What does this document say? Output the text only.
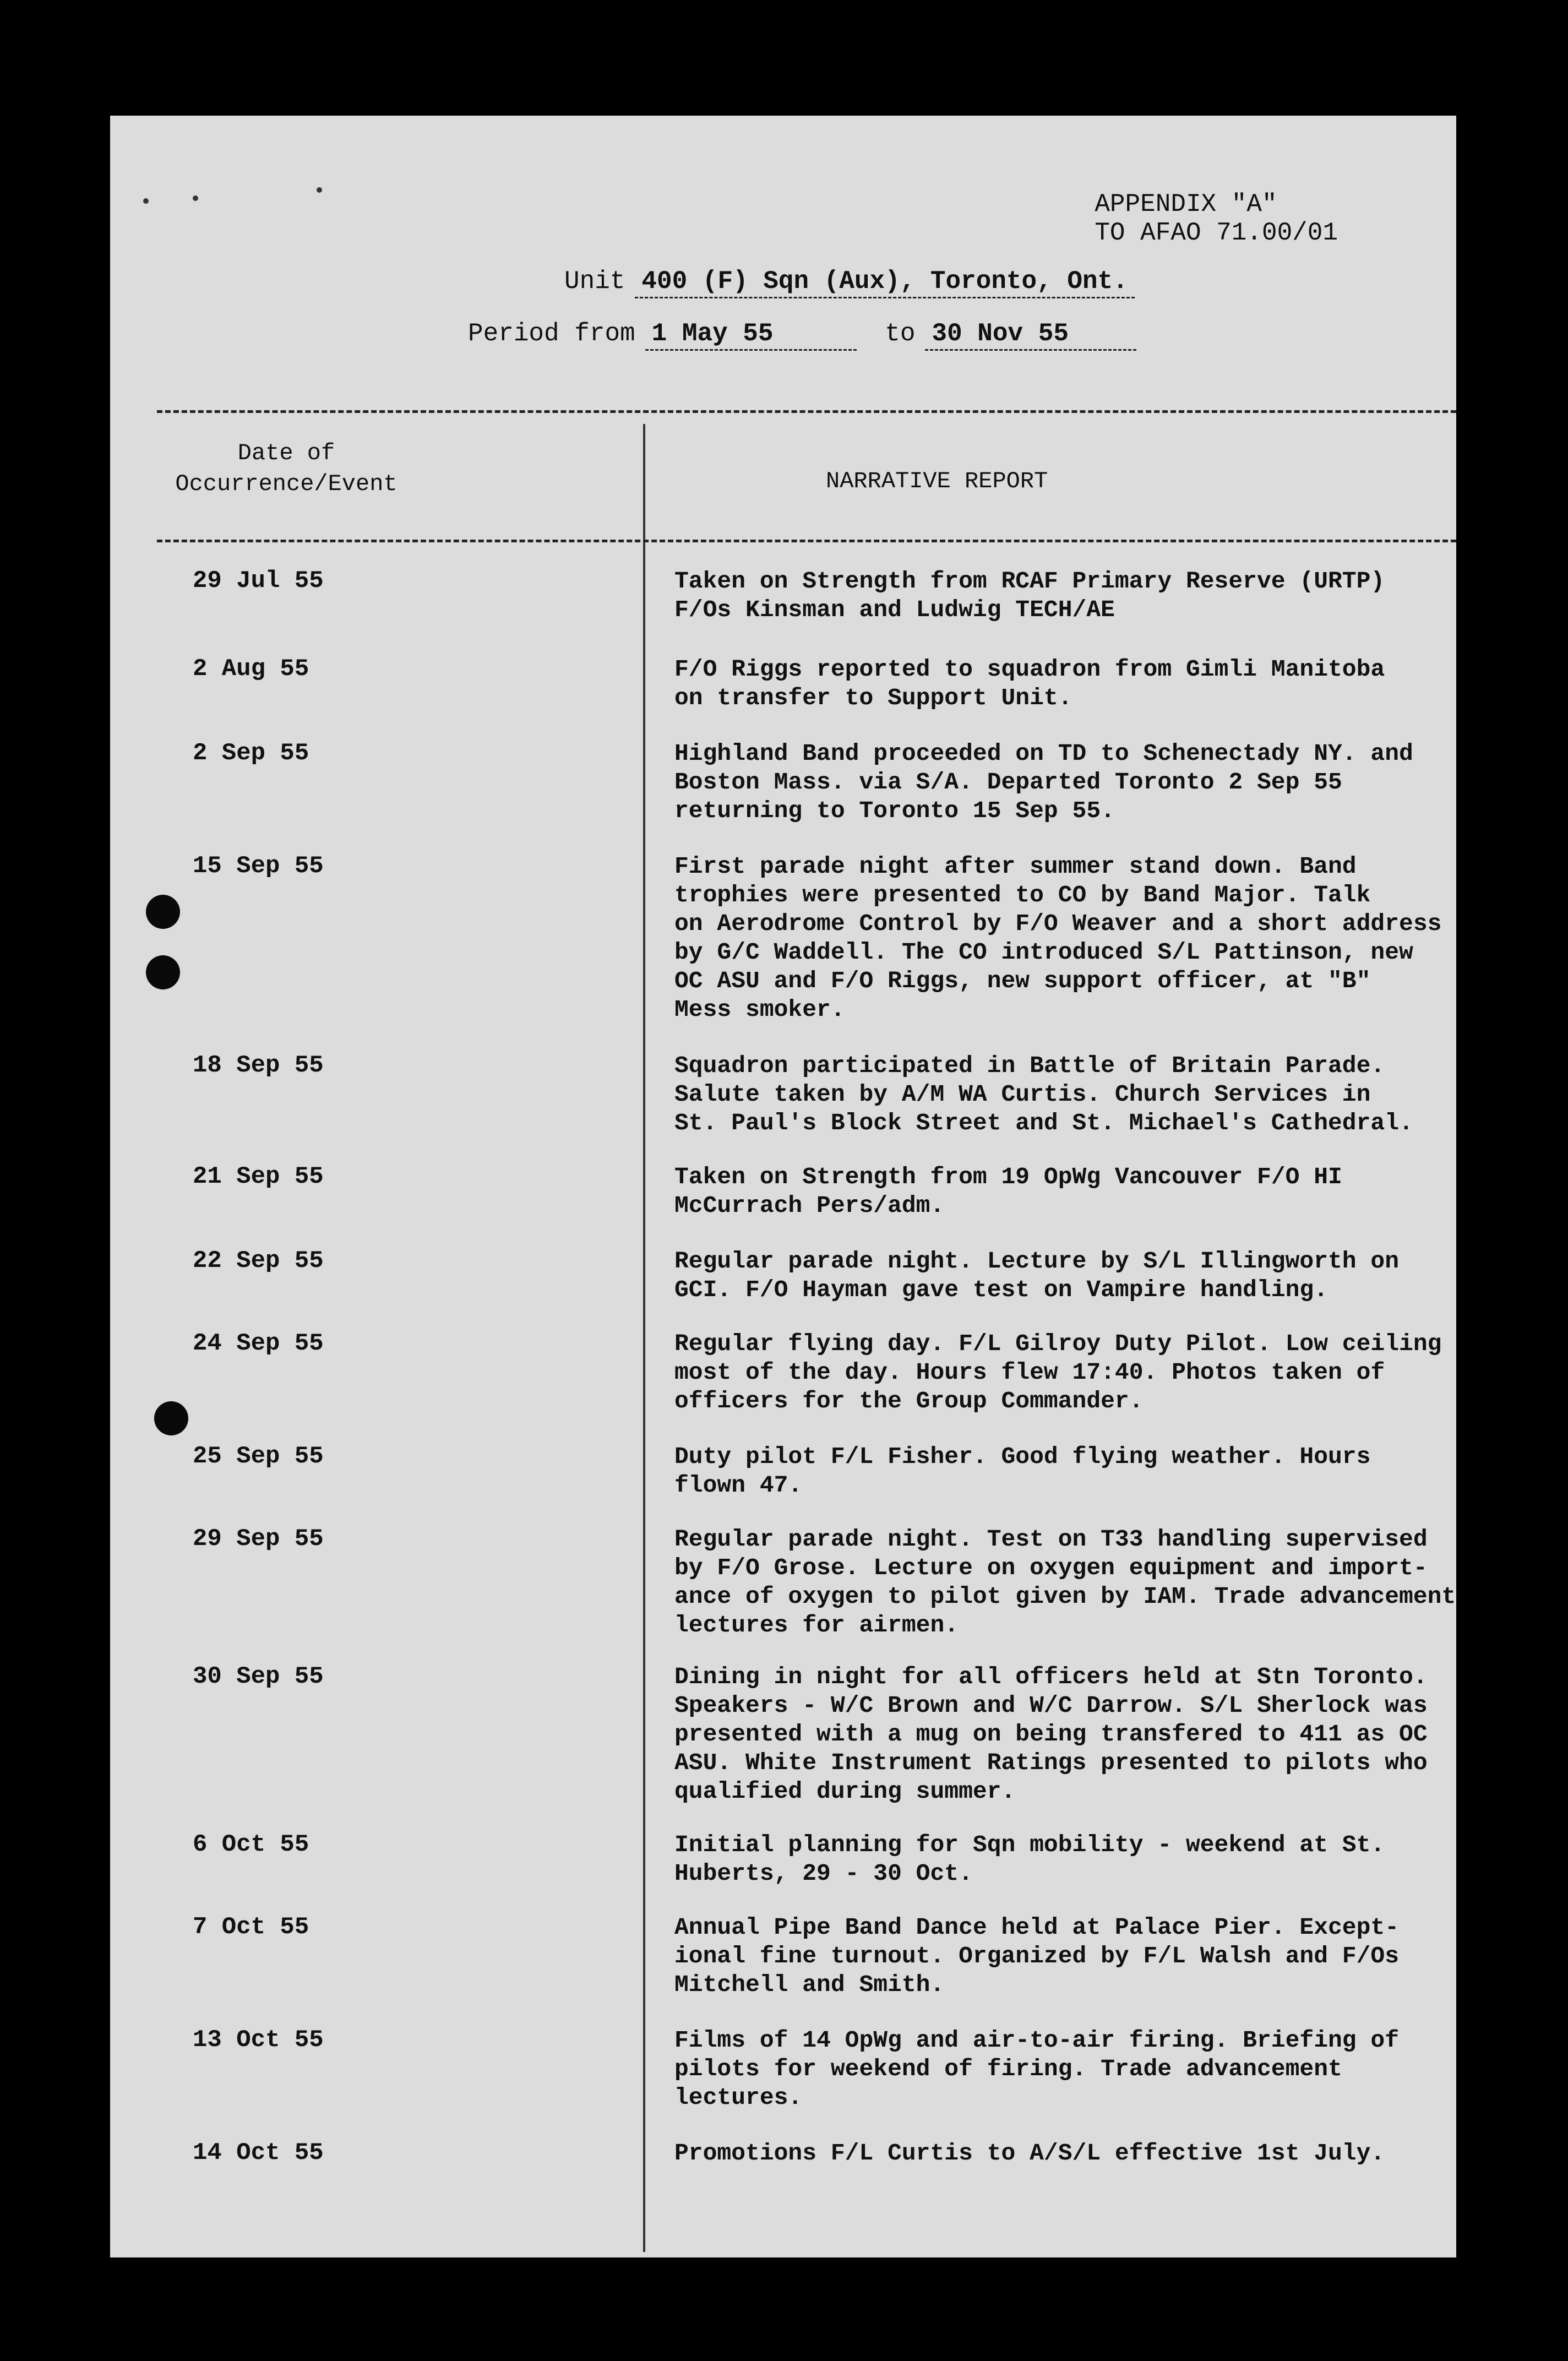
APPENDIX "A"
TO AFAO 71.00/01
Unit 400 (F) Sqn (Aux), Toronto, Ont.
Period from 1 May 55	to 30 Nov 55
Date of
Occurrence/Event	NARRATIVE REPORT
29 Jul 55	Taken on Strength from RCAF Primary Reserve (URTP)
F/Os Kinsman and Ludwig TECH/AE
2 Aug 55	F/O Riggs reported to squadron from Gimli Manitoba
on transfer to Support Unit.
2 Sep 55	Highland Band proceeded on TD to Schenectady NY. and
Boston Mass. via S/A. Departed Toronto 2 Sep 55
returning to Toronto 15 Sep 55.
15 Sep 55	First parade night after summer stand down. Band
trophies were presented to CO by Band Major. Talk
on Aerodrome Control by F/O Weaver and a short address
by G/C Waddell. The CO introduced S/L Pattinson, new
OC ASU and F/O Riggs, new support officer, at "B"
Mess smoker.
18 Sep 55	Squadron participated in Battle of Britain Parade.
Salute taken by A/M WA Curtis. Church Services in
St. Paul's Block Street and St. Michael's Cathedral.
21 Sep 55	Taken on Strength from 19 OpWg Vancouver F/O HI
McCurrach Pers/adm.
22 Sep 55	Regular parade night. Lecture by S/L Illingworth on
GCI. F/O Hayman gave test on Vampire handling.
24 Sep 55	Regular flying day. F/L Gilroy Duty Pilot. Low ceiling
most of the day. Hours flew 17:40. Photos taken of
officers for the Group Commander.
25 Sep 55	Duty pilot F/L Fisher. Good flying weather. Hours
flown 47.
29 Sep 55	Regular parade night. Test on T33 handling supervised
by F/O Grose. Lecture on oxygen equipment and import-
ance of oxygen to pilot given by IAM. Trade advancement
lectures for airmen.
30 Sep 55	Dining in night for all officers held at Stn Toronto.
Speakers - W/C Brown and W/C Darrow. S/L Sherlock was
presented with a mug on being transfered to 411 as OC
ASU. White Instrument Ratings presented to pilots who
qualified during summer.
6 Oct 55	Initial planning for Sqn mobility - weekend at St.
Huberts, 29 - 30 Oct.
7 Oct 55	Annual Pipe Band Dance held at Palace Pier. Except-
ional fine turnout. Organized by F/L Walsh and F/Os
Mitchell and Smith.
13 Oct 55	Films of 14 OpWg and air-to-air firing. Briefing of
pilots for weekend of firing. Trade advancement
lectures.
14 Oct 55	Promotions F/L Curtis to A/S/L effective 1st July.
